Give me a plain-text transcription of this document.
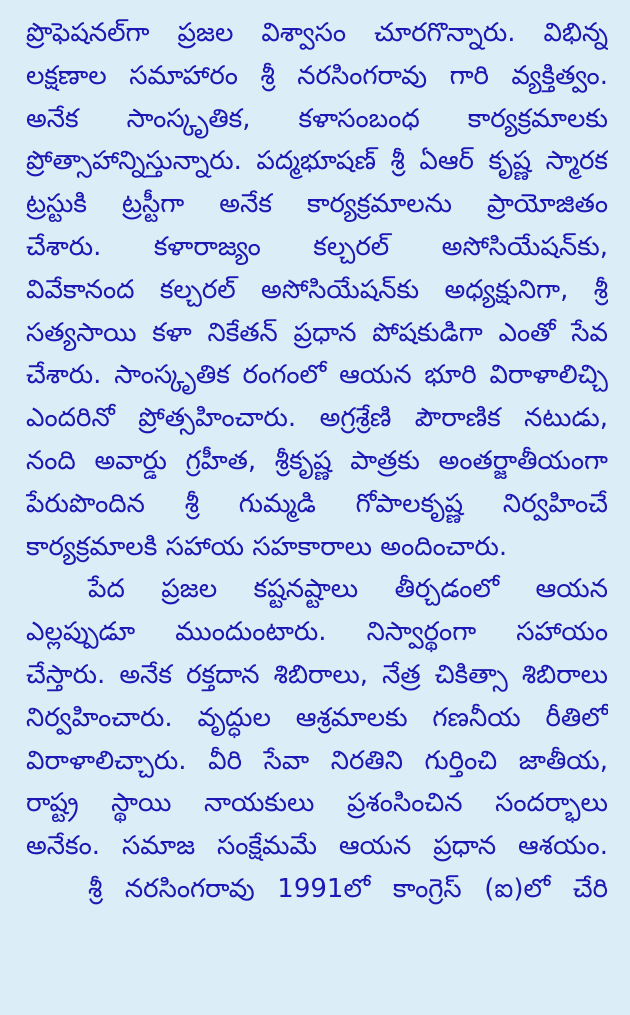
ప్రొఫెషనల్‌గా ప్రజల విశ్వాసం చూరగొన్నారు. విభిన్న
లక్షణాల సమాహారం శ్రీ నరసింగరావు గారి వ్యక్తిత్వం.
అనేక సాంస్కృతిక, కళాసంబంధ కార్యక్రమాలకు
ప్రోత్సాహాన్నిస్తున్నారు. పద్మభూషణ్ శ్రీ ఏఆర్ కృష్ణ స్మారక
ట్రస్టుకి ట్రస్టీగా అనేక కార్యక్రమాలను ప్రాయోజితం
చేశారు. కళారాజ్యం కల్చరల్ అసోసియేషన్‌కు,
వివేకానంద కల్చరల్ అసోసియేషన్‌కు అధ్యక్షునిగా, శ్రీ
సత్యసాయి కళా నికేతన్ ప్రధాన పోషకుడిగా ఎంతో సేవ
చేశారు. సాంస్కృతిక రంగంలో ఆయన భూరి విరాళాలిచ్చి
ఎందరినో ప్రోత్సహించారు. అగ్రశ్రేణి పౌరాణిక నటుడు,
నంది అవార్డు గ్రహీత, శ్రీకృష్ణ పాత్రకు అంతర్జాతీయంగా
పేరుపొందిన శ్రీ గుమ్మడి గోపాలకృష్ణ నిర్వహించే
కార్యక్రమాలకి సహాయ సహకారాలు అందించారు.
పేద ప్రజల కష్టనష్టాలు తీర్చడంలో ఆయన
ఎల్లప్పుడూ ముందుంటారు. నిస్వార్థంగా సహాయం
చేస్తారు. అనేక రక్తదాన శిబిరాలు, నేత్ర చికిత్సా శిబిరాలు
నిర్వహించారు. వృద్ధుల ఆశ్రమాలకు గణనీయ రీతిలో
విరాళాలిచ్చారు. వీరి సేవా నిరతిని గుర్తించి జాతీయ,
రాష్ట్ర స్థాయి నాయకులు ప్రశంసించిన సందర్భాలు
అనేకం. సమాజ సంక్షేమమే ఆయన ప్రధాన ఆశయం.
శ్రీ నరసింగరావు 1991లో కాంగ్రెస్ (ఐ)లో చేరి
